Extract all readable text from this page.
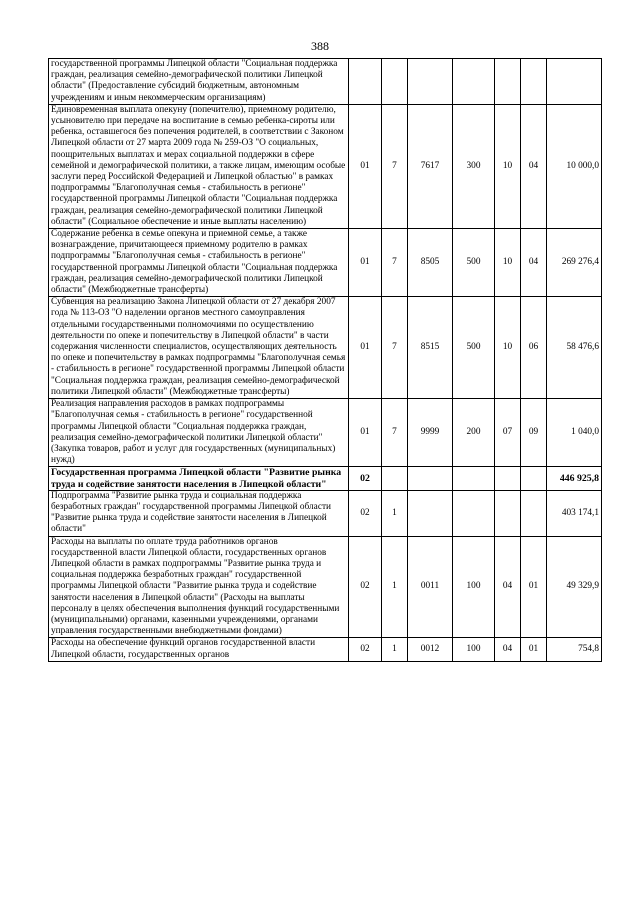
388
государственной программы Липецкой области "Социальная поддержка граждан, реализация семейно-демографической политики Липецкой области" (Предоставление субсидий бюджетным, автономным учреждениям и иным некоммерческим организациям)							
Единовременная выплата опекуну (попечителю), приемному родителю, усыновителю при передаче на воспитание в семью ребенка-сироты или ребенка, оставшегося без попечения родителей, в соответствии с Законом Липецкой области от 27 марта 2009 года № 259-ОЗ "О социальных, поощрительных выплатах и мерах социальной поддержки в сфере семейной и демографической политики, а также лицам, имеющим особые заслуги перед Российской Федерацией и Липецкой областью" в рамках подпрограммы "Благополучная семья - стабильность в регионе" государственной программы Липецкой области "Социальная поддержка граждан, реализация семейно-демографической политики Липецкой области" (Социальное обеспечение и иные выплаты населению)	01	7	7617	300	10	04	10 000,0
Содержание ребенка в семье опекуна и приемной семье, а также вознаграждение, причитающееся приемному родителю в рамках подпрограммы "Благополучная семья - стабильность в регионе" государственной программы Липецкой области "Социальная поддержка граждан, реализация семейно-демографической политики Липецкой области" (Межбюджетные трансферты)	01	7	8505	500	10	04	269 276,4
Субвенция на реализацию Закона Липецкой области от 27 декабря 2007 года № 113-ОЗ "О наделении органов местного самоуправления отдельными государственными полномочиями по осуществлению деятельности по опеке и попечительству в Липецкой области" в части содержания численности специалистов, осуществляющих деятельность по опеке и попечительству в рамках подпрограммы "Благополучная семья - стабильность в регионе" государственной программы Липецкой области "Социальная поддержка граждан, реализация семейно-демографической политики Липецкой области" (Межбюджетные трансферты)	01	7	8515	500	10	06	58 476,6
Реализация направления расходов в рамках подпрограммы "Благополучная семья - стабильность в регионе" государственной программы Липецкой области "Социальная поддержка граждан, реализация семейно-демографической политики Липецкой области" (Закупка товаров, работ и услуг для государственных (муниципальных) нужд)	01	7	9999	200	07	09	1 040,0
Государственная программа Липецкой области "Развитие рынка труда и содействие занятости населения в Липецкой области"	02						446 925,8
Подпрограмма "Развитие рынка труда и социальная поддержка безработных граждан" государственной программы Липецкой области "Развитие рынка труда и содействие занятости населения в Липецкой области"	02	1					403 174,1
Расходы на выплаты по оплате труда работников органов государственной власти Липецкой области, государственных органов Липецкой области в рамках подпрограммы "Развитие рынка труда и социальная поддержка безработных граждан" государственной программы Липецкой области "Развитие рынка труда и содействие занятости населения в Липецкой области" (Расходы на выплаты персоналу в целях обеспечения выполнения функций государственными (муниципальными) органами, казенными учреждениями, органами управления государственными внебюджетными фондами)	02	1	0011	100	04	01	49 329,9
Расходы на обеспечение функций органов государственной власти Липецкой области, государственных органов	02	1	0012	100	04	01	754,8
